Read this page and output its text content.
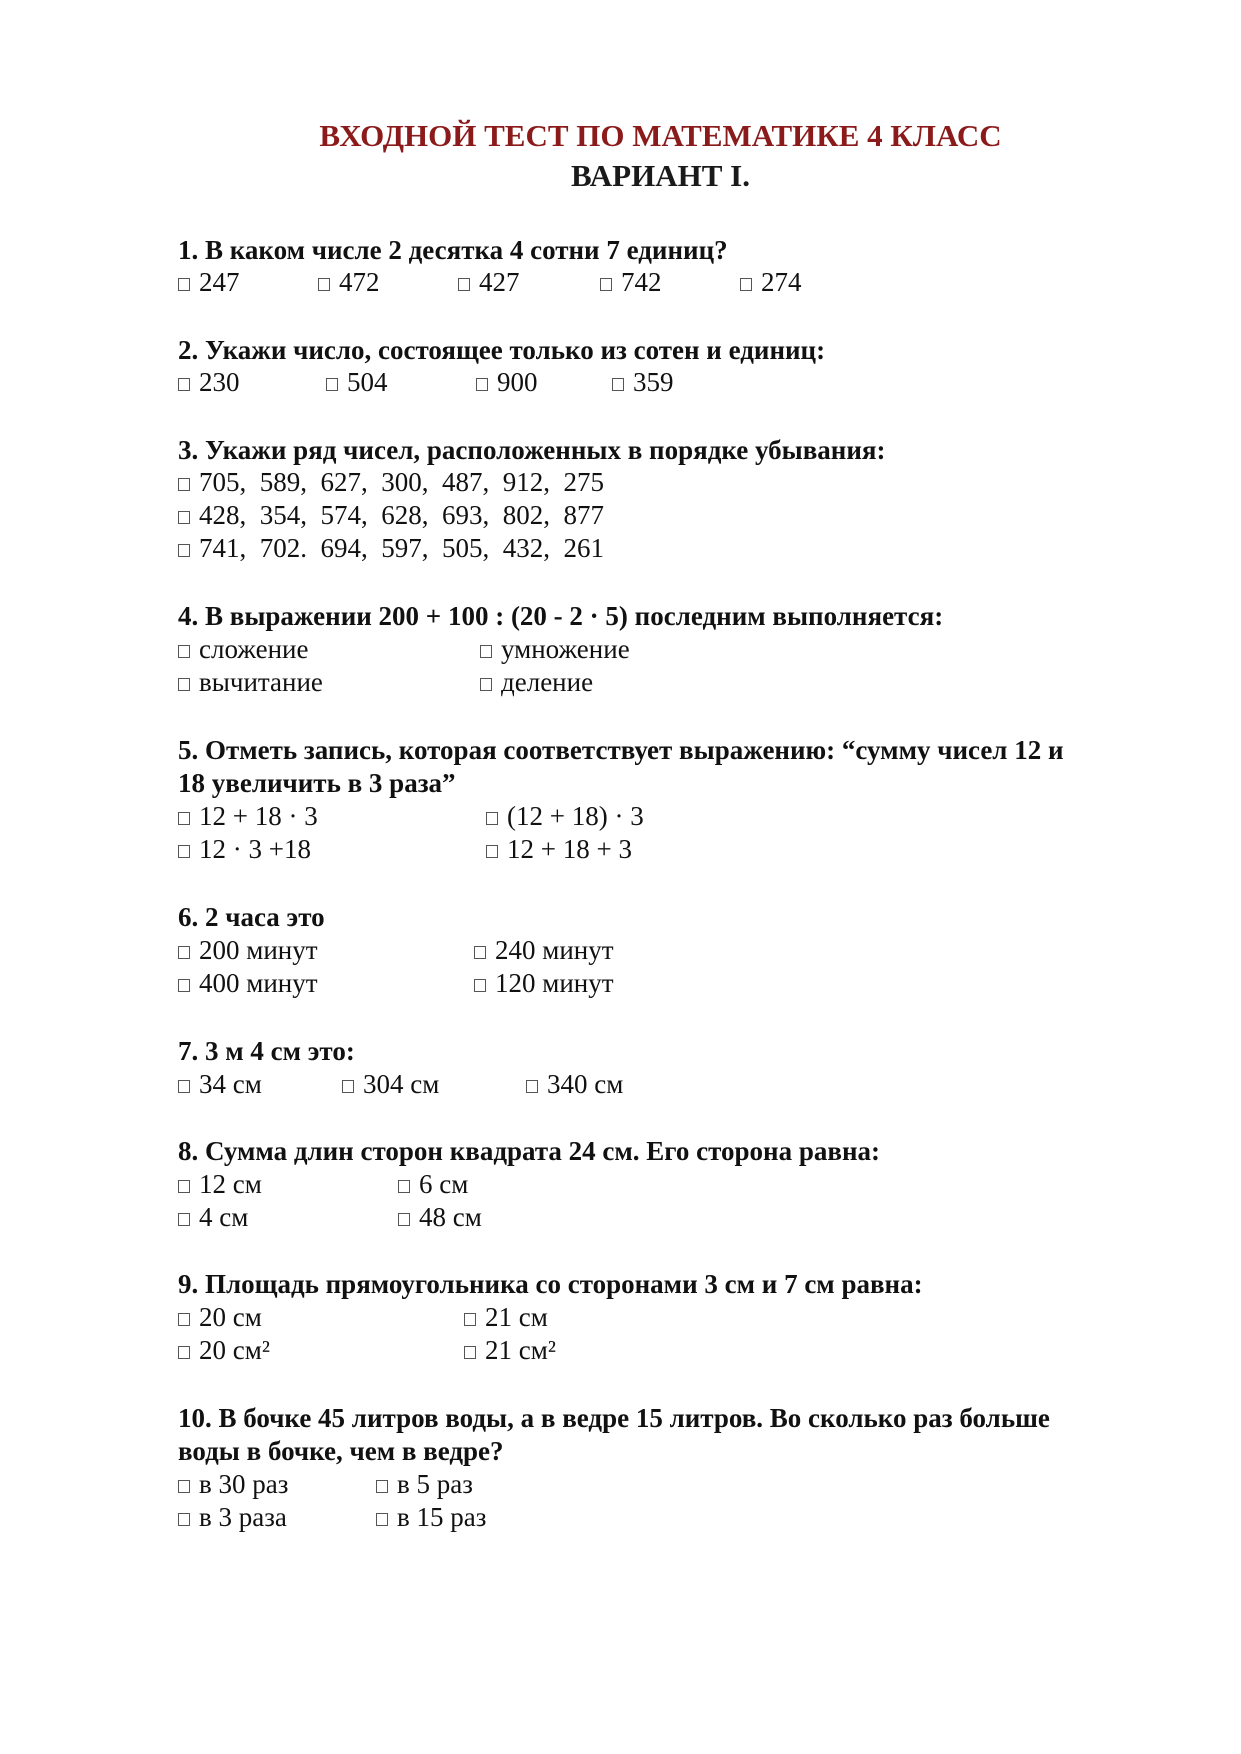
ВХОДНОЙ ТЕСТ ПО МАТЕМАТИКЕ 4 КЛАСС
ВАРИАНТ I.

1. В каком числе 2 десятка 4 сотни 7 единиц?

247	472	427	742	274

2. Укажи число, состоящее только из сотен и единиц:

230	504	900	359

3. Укажи ряд чисел, расположенных в порядке убывания:

705,  589,  627,  300,  487,  912,  275
428,  354,  574,  628,  693,  802,  877
741,  702.  694,  597,  505,  432,  261

4. В выражении 200 + 100 : (20 - 2 · 5) последним выполняется:

сложение	умножение
вычитание	деление

5. Отметь запись, которая соответствует выражению: “сумму чисел 12 и

18 увеличить в 3 раза”

12 + 18 · 3	(12 + 18) · 3
12 · 3 +18	12 + 18 + 3

6. 2 часа это

200 минут	240 минут
400 минут	120 минут

7. 3 м 4 см это:

34 см	304 см	340 см

8. Сумма длин сторон квадрата 24 см. Его сторона равна:

12 см	6 см
4 см	48 см

9. Площадь прямоугольника со сторонами 3 см и 7 см равна:

20 см	21 см
20 см²	21 см²

10. В бочке 45 литров воды, а в ведре 15 литров. Во сколько раз больше

воды в бочке, чем в ведре?

в 30 раз	в 5 раз
в 3 раза	в 15 раз
